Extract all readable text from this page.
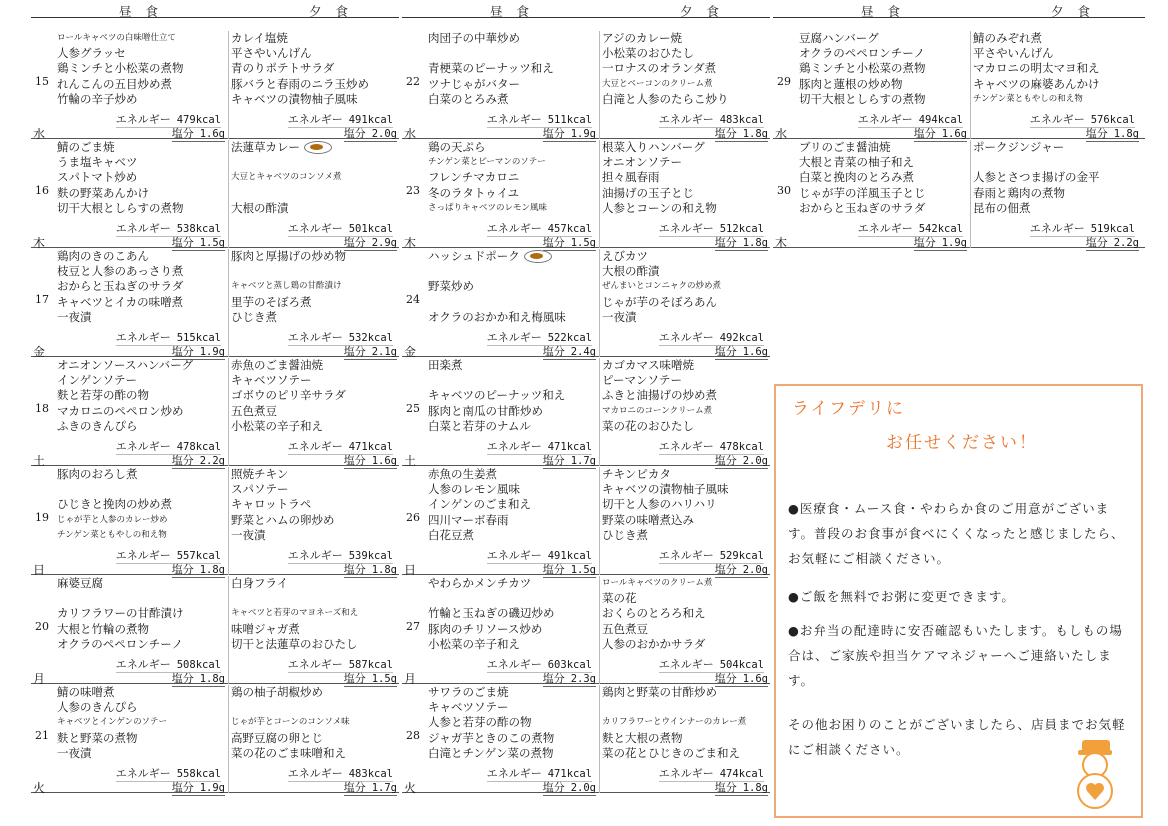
昼食	夕食
15
水
ロールキャベツの白味噌仕立て
人参グラッセ
鶏ミンチと小松菜の煮物
れんこんの五目炒め煮
竹輪の辛子炒め
エネルギー 479kcal
塩分 1.6g
カレイ塩焼
平さやいんげん
青のりポテトサラダ
豚バラと春雨のニラ玉炒め
キャベツの漬物柚子風味
エネルギー 491kcal
塩分 2.0g
16
木
鯖のごま焼
うま塩キャベツ
スパトマト炒め
麩の野菜あんかけ
切干大根としらすの煮物
エネルギー 538kcal
塩分 1.5g
法蓮草カレー
大豆とキャベツのコンソメ煮
大根の酢漬
エネルギー 501kcal
塩分 2.9g
17
金
鶏肉のきのこあん
枝豆と人参のあっさり煮
おからと玉ねぎのサラダ
キャベツとイカの味噌煮
一夜漬
エネルギー 515kcal
塩分 1.9g
豚肉と厚揚げの炒め物
キャベツと蒸し鶏の甘酢漬け
里芋のそぼろ煮
ひじき煮
エネルギー 532kcal
塩分 2.1g
18
土
オニオンソースハンバーグ
インゲンソテー
麩と若芽の酢の物
マカロニのペペロン炒め
ふきのきんぴら
エネルギー 478kcal
塩分 2.2g
赤魚のごま醤油焼
キャベツソテー
ゴボウのピリ辛サラダ
五色煮豆
小松菜の辛子和え
エネルギー 471kcal
塩分 1.6g
19
日
豚肉のおろし煮
ひじきと挽肉の炒め煮
じゃが芋と人参のカレー炒め
チンゲン菜ともやしの和え物
エネルギー 557kcal
塩分 1.8g
照焼チキン
スパソテー
キャロットラペ
野菜とハムの卵炒め
一夜漬
エネルギー 539kcal
塩分 1.8g
20
月
麻婆豆腐
カリフラワーの甘酢漬け
大根と竹輪の煮物
オクラのペペロンチーノ
エネルギー 508kcal
塩分 1.8g
白身フライ
キャベツと若芽のマヨネーズ和え
味噌ジャガ煮
切干と法蓮草のおひたし
エネルギー 587kcal
塩分 1.5g
21
火
鯖の味噌煮
人参のきんぴら
キャベツとインゲンのソテー
麩と野菜の煮物
一夜漬
エネルギー 558kcal
塩分 1.9g
鶏の柚子胡椒炒め
じゃが芋とコーンのコンソメ味
高野豆腐の卵とじ
菜の花のごま味噌和え
エネルギー 483kcal
塩分 1.7g
昼食	夕食
22
水
肉団子の中華炒め
青梗菜のピーナッツ和え
ツナじゃがバター
白菜のとろみ煮
エネルギー 511kcal
塩分 1.9g
アジのカレー焼
小松菜のおひたし
一ロナスのオランダ煮
大豆とベーコンのクリーム煮
白滝と人参のたらこ炒り
エネルギー 483kcal
塩分 1.8g
23
木
鶏の天ぷら
チンゲン菜とピーマンのソテー
フレンチマカロニ
冬のラタトゥイユ
さっぱりキャベツのレモン風味
エネルギー 457kcal
塩分 1.5g
根菜入りハンバーグ
オニオンソテー
担々風春雨
油揚げの玉子とじ
人参とコーンの和え物
エネルギー 512kcal
塩分 1.8g
24
金
ハッシュドポーク
野菜炒め
オクラのおかか和え梅風味
エネルギー 522kcal
塩分 2.4g
えびカツ
大根の酢漬
ぜんまいとコンニャクの炒め煮
じゃが芋のそぼろあん
一夜漬
エネルギー 492kcal
塩分 1.6g
25
土
田楽煮
キャベツのピーナッツ和え
豚肉と南瓜の甘酢炒め
白菜と若芽のナムル
エネルギー 471kcal
塩分 1.7g
カゴカマス味噌焼
ピーマンソテー
ふきと油揚げの炒め煮
マカロニのコーンクリーム煮
菜の花のおひたし
エネルギー 478kcal
塩分 2.0g
26
日
赤魚の生姜煮
人参のレモン風味
インゲンのごま和え
四川マーボ春雨
白花豆煮
エネルギー 491kcal
塩分 1.5g
チキンピカタ
キャベツの漬物柚子風味
切干と人参のハリハリ
野菜の味噌煮込み
ひじき煮
エネルギー 529kcal
塩分 2.0g
27
月
やわらかメンチカツ
竹輪と玉ねぎの磯辺炒め
豚肉のチリソース炒め
小松菜の辛子和え
エネルギー 603kcal
塩分 2.3g
ロールキャベツのクリーム煮
菜の花
おくらのとろろ和え
五色煮豆
人参のおかかサラダ
エネルギー 504kcal
塩分 1.6g
28
火
サワラのごま焼
キャベツソテー
人参と若芽の酢の物
ジャガ芋ときのこの煮物
白滝とチンゲン菜の煮物
エネルギー 471kcal
塩分 2.0g
鶏肉と野菜の甘酢炒め
カリフラワーとウインナーのカレー煮
麩と大根の煮物
菜の花とひじきのごま和え
エネルギー 474kcal
塩分 1.8g
昼食	夕食
29
水
豆腐ハンバーグ
オクラのペペロンチーノ
鶏ミンチと小松菜の煮物
豚肉と蓮根の炒め物
切干大根としらすの煮物
エネルギー 494kcal
塩分 1.6g
鯖のみぞれ煮
平さやいんげん
マカロニの明太マヨ和え
キャベツの麻婆あんかけ
チンゲン菜ともやしの和え物
エネルギー 576kcal
塩分 1.8g
30
木
ブリのごま醤油焼
大根と青菜の柚子和え
白菜と挽肉のとろみ煮
じゃが芋の洋風玉子とじ
おからと玉ねぎのサラダ
エネルギー 542kcal
塩分 1.9g
ポークジンジャー
人参とさつま揚げの金平
春雨と鶏肉の煮物
昆布の佃煮
エネルギー 519kcal
塩分 2.2g
ライフデリに
お任せください！
●医療食・ムース食・やわらか食のご用意がございます。普段のお食事が食べにくくなったと感じましたら、お気軽にご相談ください。
●ご飯を無料でお粥に変更できます。
●お弁当の配達時に安否確認もいたします。もしもの場合は、ご家族や担当ケアマネジャーへご連絡いたします。
その他お困りのことがございましたら、店員までお気軽にご相談ください。
